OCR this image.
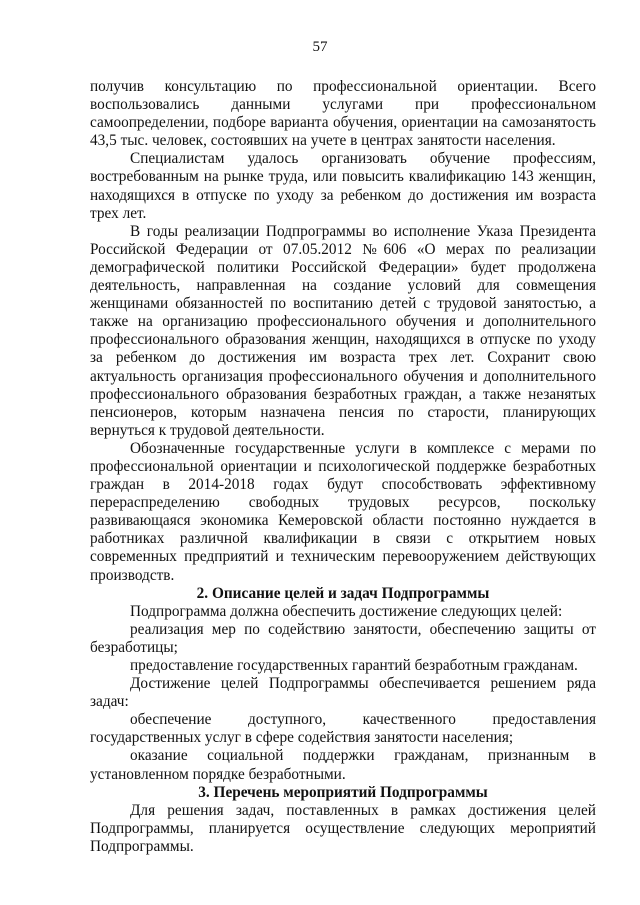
57

получив консультацию по профессиональной ориентации. Всего воспользовались данными услугами при профессиональном самоопределении, подборе варианта обучения, ориентации на самозанятость 43,5 тыс. человек, состоявших на учете в центрах занятости населения.

Специалистам удалось организовать обучение профессиям, востребованным на рынке труда, или повысить квалификацию 143 женщин, находящихся в отпуске по уходу за ребенком до достижения им возраста трех лет.

В годы реализации Подпрограммы во исполнение Указа Президента Российской Федерации от 07.05.2012 №606 «О мерах по реализации демографической политики Российской Федерации» будет продолжена деятельность, направленная на создание условий для совмещения женщинами обязанностей по воспитанию детей с трудовой занятостью, а также на организацию профессионального обучения и дополнительного профессионального образования женщин, находящихся в отпуске по уходу за ребенком до достижения им возраста трех лет. Сохранит свою актуальность организация профессионального обучения и дополнительного профессионального образования безработных граждан, а также незанятых пенсионеров, которым назначена пенсия по старости, планирующих вернуться к трудовой деятельности.

Обозначенные государственные услуги в комплексе с мерами по профессиональной ориентации и психологической поддержке безработных граждан в 2014-2018 годах будут способствовать эффективному перераспределению свободных трудовых ресурсов, поскольку развивающаяся экономика Кемеровской области постоянно нуждается в работниках различной квалификации в связи с открытием новых современных предприятий и техническим перевооружением действующих производств.

2. Описание целей и задач Подпрограммы

Подпрограмма должна обеспечить достижение следующих целей:

реализация мер по содействию занятости, обеспечению защиты от безработицы;

предоставление государственных гарантий безработным гражданам.

Достижение целей Подпрограммы обеспечивается решением ряда задач:

обеспечение доступного, качественного предоставления государственных услуг в сфере содействия занятости населения;

оказание социальной поддержки гражданам, признанным в установленном порядке безработными.

3. Перечень мероприятий Подпрограммы

Для решения задач, поставленных в рамках достижения целей Подпрограммы, планируется осуществление следующих мероприятий Подпрограммы.
